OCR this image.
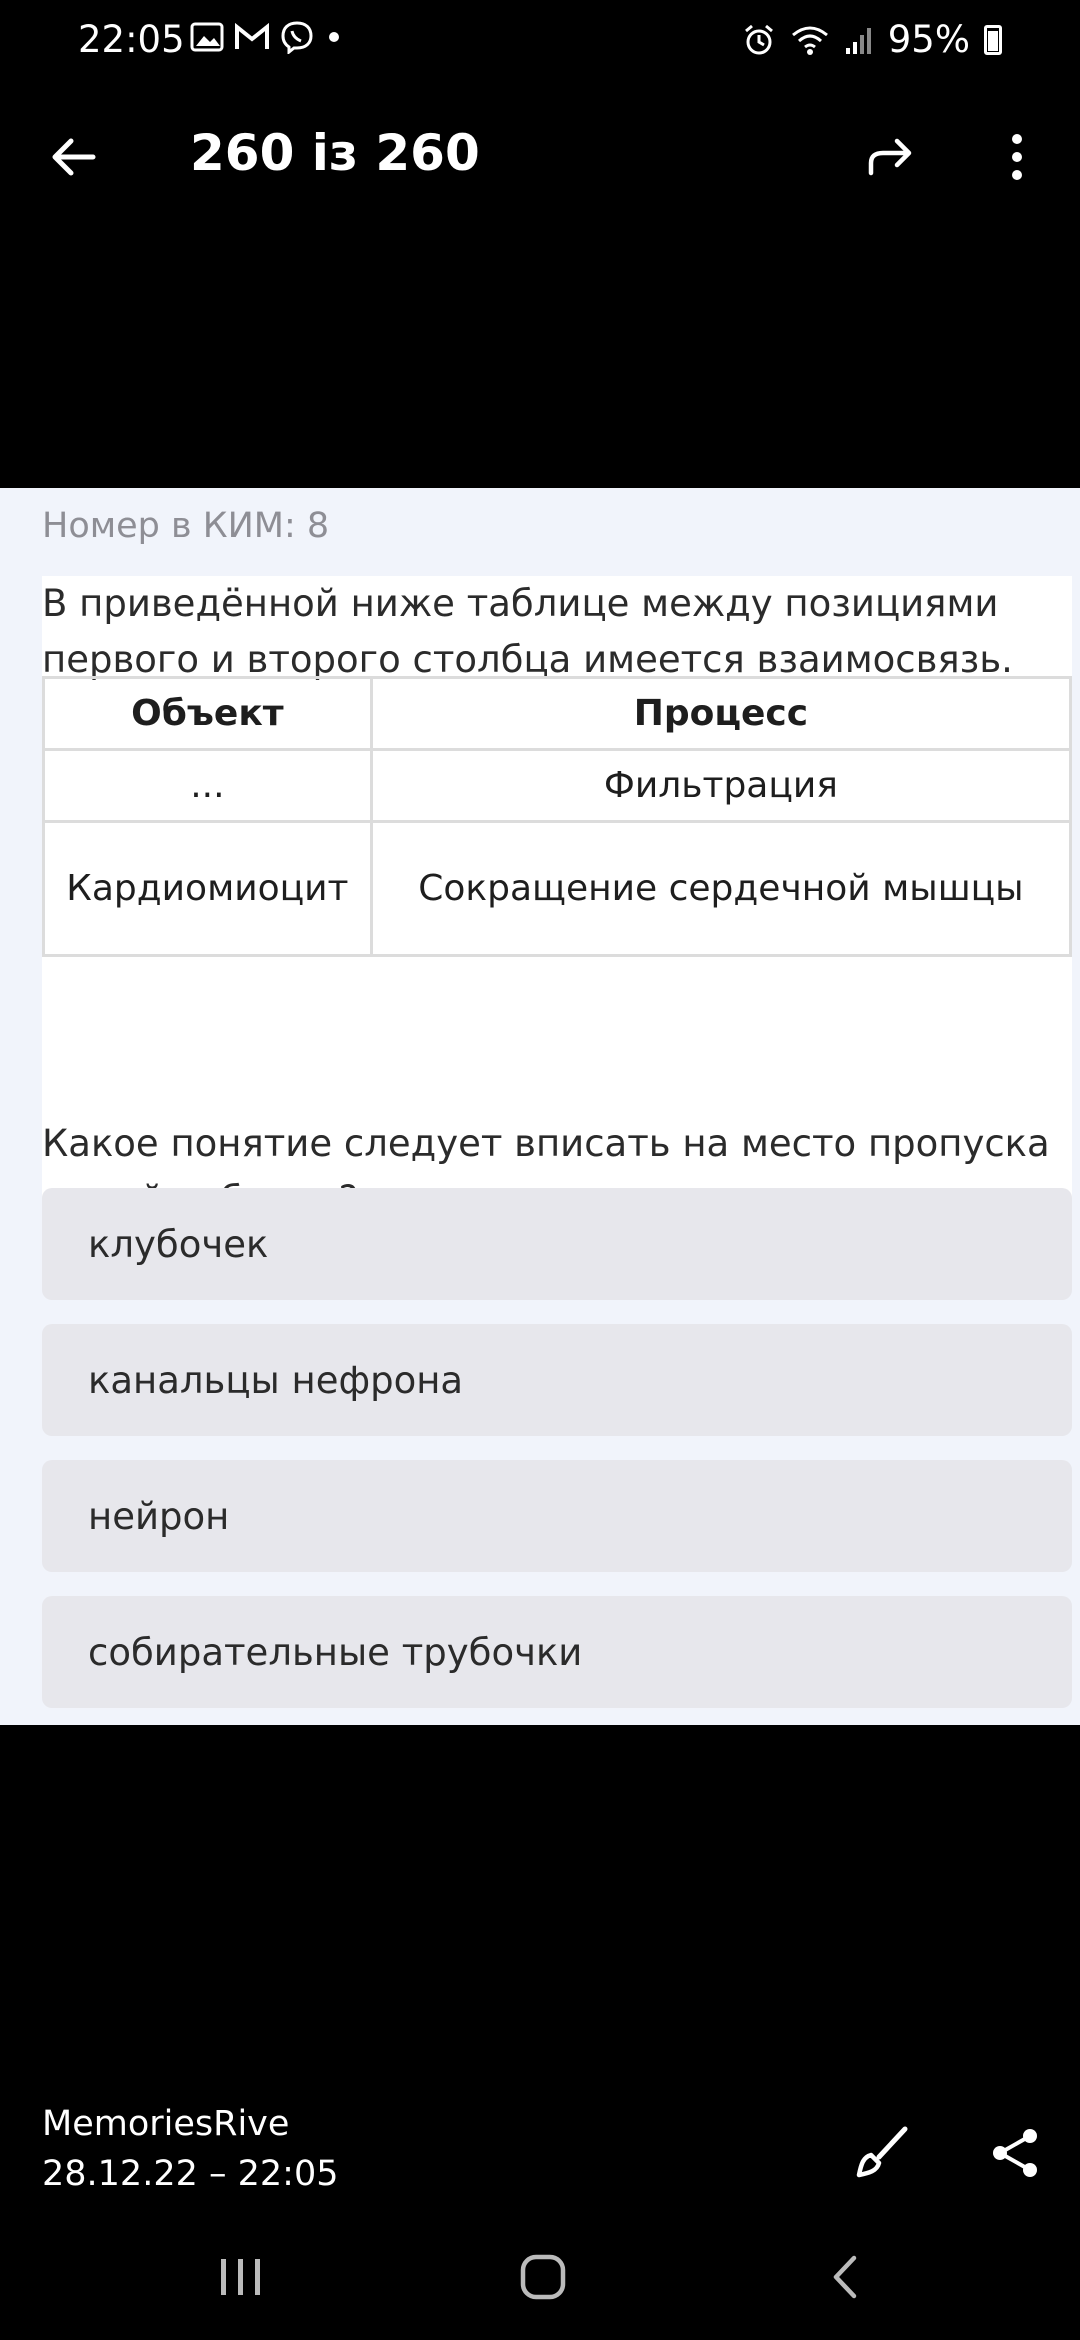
22:05	95%
260 із 260
Номер в КИМ: 8
В приведённой ниже таблице между позициями первого и второго столбца имеется взаимосвязь.
Объект	Процесс
...	Фильтрация
Кардиомиоцит	Сокращение сердечной мышцы
Какое понятие следует вписать на место пропуска
клубочек
канальцы нефрона
нейрон
собирательные трубочки
MemoriesRive
28.12.22 – 22:05
